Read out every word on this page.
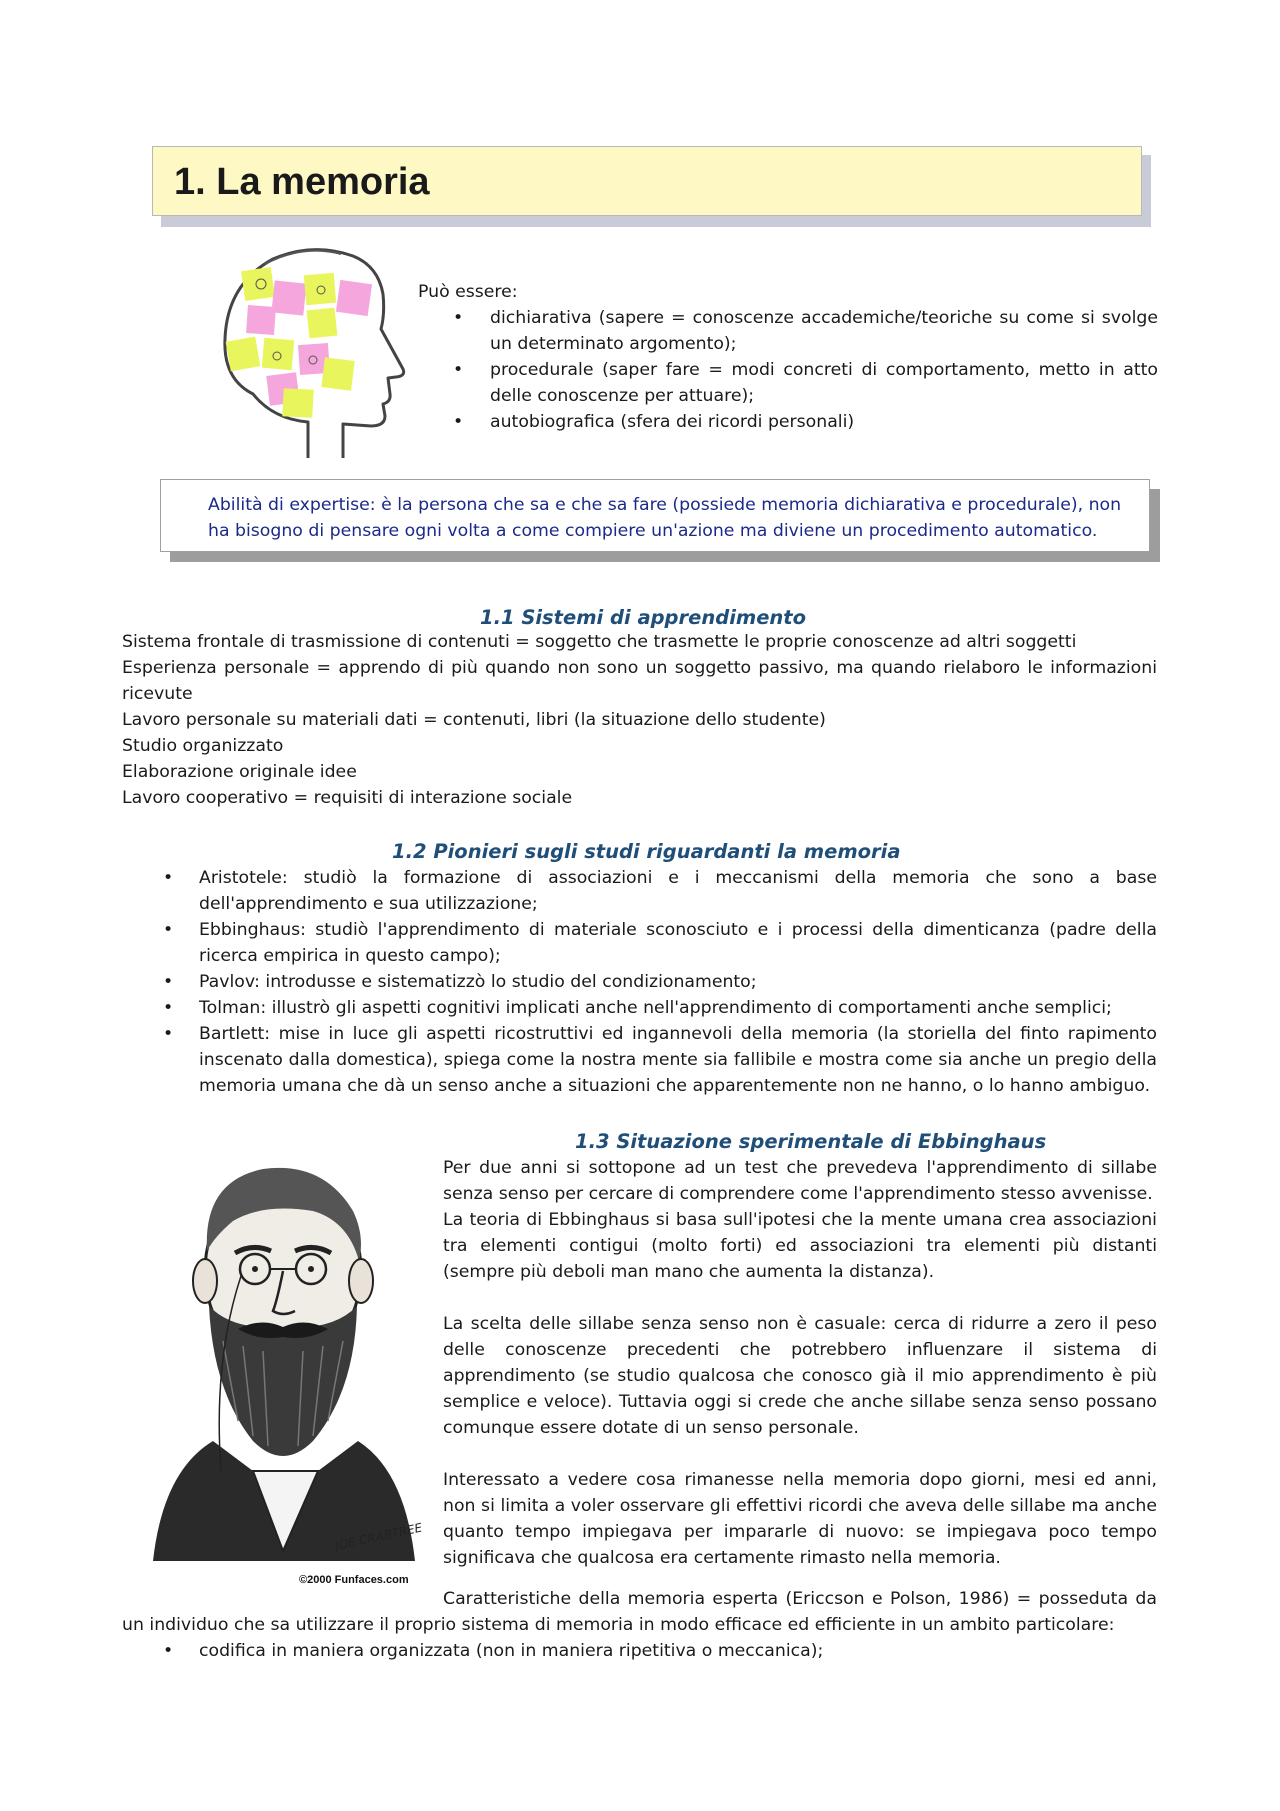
1. La memoria

Può essere:

• dichiarativa (sapere = conoscenze accademiche/teoriche su come si svolge un determinato argomento);
• procedurale (saper fare = modi concreti di comportamento, metto in atto delle conoscenze per attuare);
• autobiografica (sfera dei ricordi personali)
Abilità di expertise: è la persona che sa e che sa fare (possiede memoria dichiarativa e procedurale), non ha bisogno di pensare ogni volta a come compiere un'azione ma diviene un procedimento automatico.
1.1 Sistemi di apprendimento

Sistema frontale di trasmissione di contenuti = soggetto che trasmette le proprie conoscenze ad altri soggetti

Esperienza personale = apprendo di più quando non sono un soggetto passivo, ma quando rielaboro le informazioni ricevute

Lavoro personale su materiali dati = contenuti, libri (la situazione dello studente)

Studio organizzato

Elaborazione originale idee

Lavoro cooperativo = requisiti di interazione sociale

1.2 Pionieri sugli studi riguardanti la memoria
• Aristotele: studiò la formazione di associazioni e i meccanismi della memoria che sono a base dell'apprendimento e sua utilizzazione;
• Ebbinghaus: studiò l'apprendimento di materiale sconosciuto e i processi della dimenticanza (padre della ricerca empirica in questo campo);
• Pavlov: introdusse e sistematizzò lo studio del condizionamento;
• Tolman: illustrò gli aspetti cognitivi implicati anche nell'apprendimento di comportamenti anche semplici;
• Bartlett: mise in luce gli aspetti ricostruttivi ed ingannevoli della memoria (la storiella del finto rapimento inscenato dalla domestica), spiega come la nostra mente sia fallibile e mostra come sia anche un pregio della memoria umana che dà un senso anche a situazioni che apparentemente non ne hanno, o lo hanno ambiguo.
JOE CRABTREE
©2000 Funfaces.com
1.3 Situazione sperimentale di Ebbinghaus

Per due anni si sottopone ad un test che prevedeva l'apprendimento di sillabe senza senso per cercare di comprendere come l'apprendimento stesso avvenisse.

La teoria di Ebbinghaus si basa sull'ipotesi che la mente umana crea associazioni tra elementi contigui (molto forti) ed associazioni tra elementi più distanti (sempre più deboli man mano che aumenta la distanza).

La scelta delle sillabe senza senso non è casuale: cerca di ridurre a zero il peso delle conoscenze precedenti che potrebbero influenzare il sistema di apprendimento (se studio qualcosa che conosco già il mio apprendimento è più semplice e veloce). Tuttavia oggi si crede che anche sillabe senza senso possano comunque essere dotate di un senso personale.

Interessato a vedere cosa rimanesse nella memoria dopo giorni, mesi ed anni, non si limita a voler osservare gli effettivi ricordi che aveva delle sillabe ma anche quanto tempo impiegava per impararle di nuovo: se impiegava poco tempo significava che qualcosa era certamente rimasto nella memoria.

Caratteristiche della memoria esperta (Ericcson e Polson, 1986) = posseduta da un individuo che sa utilizzare il proprio sistema di memoria in modo efficace ed efficiente in un ambito particolare:

• codifica in maniera organizzata (non in maniera ripetitiva o meccanica);
